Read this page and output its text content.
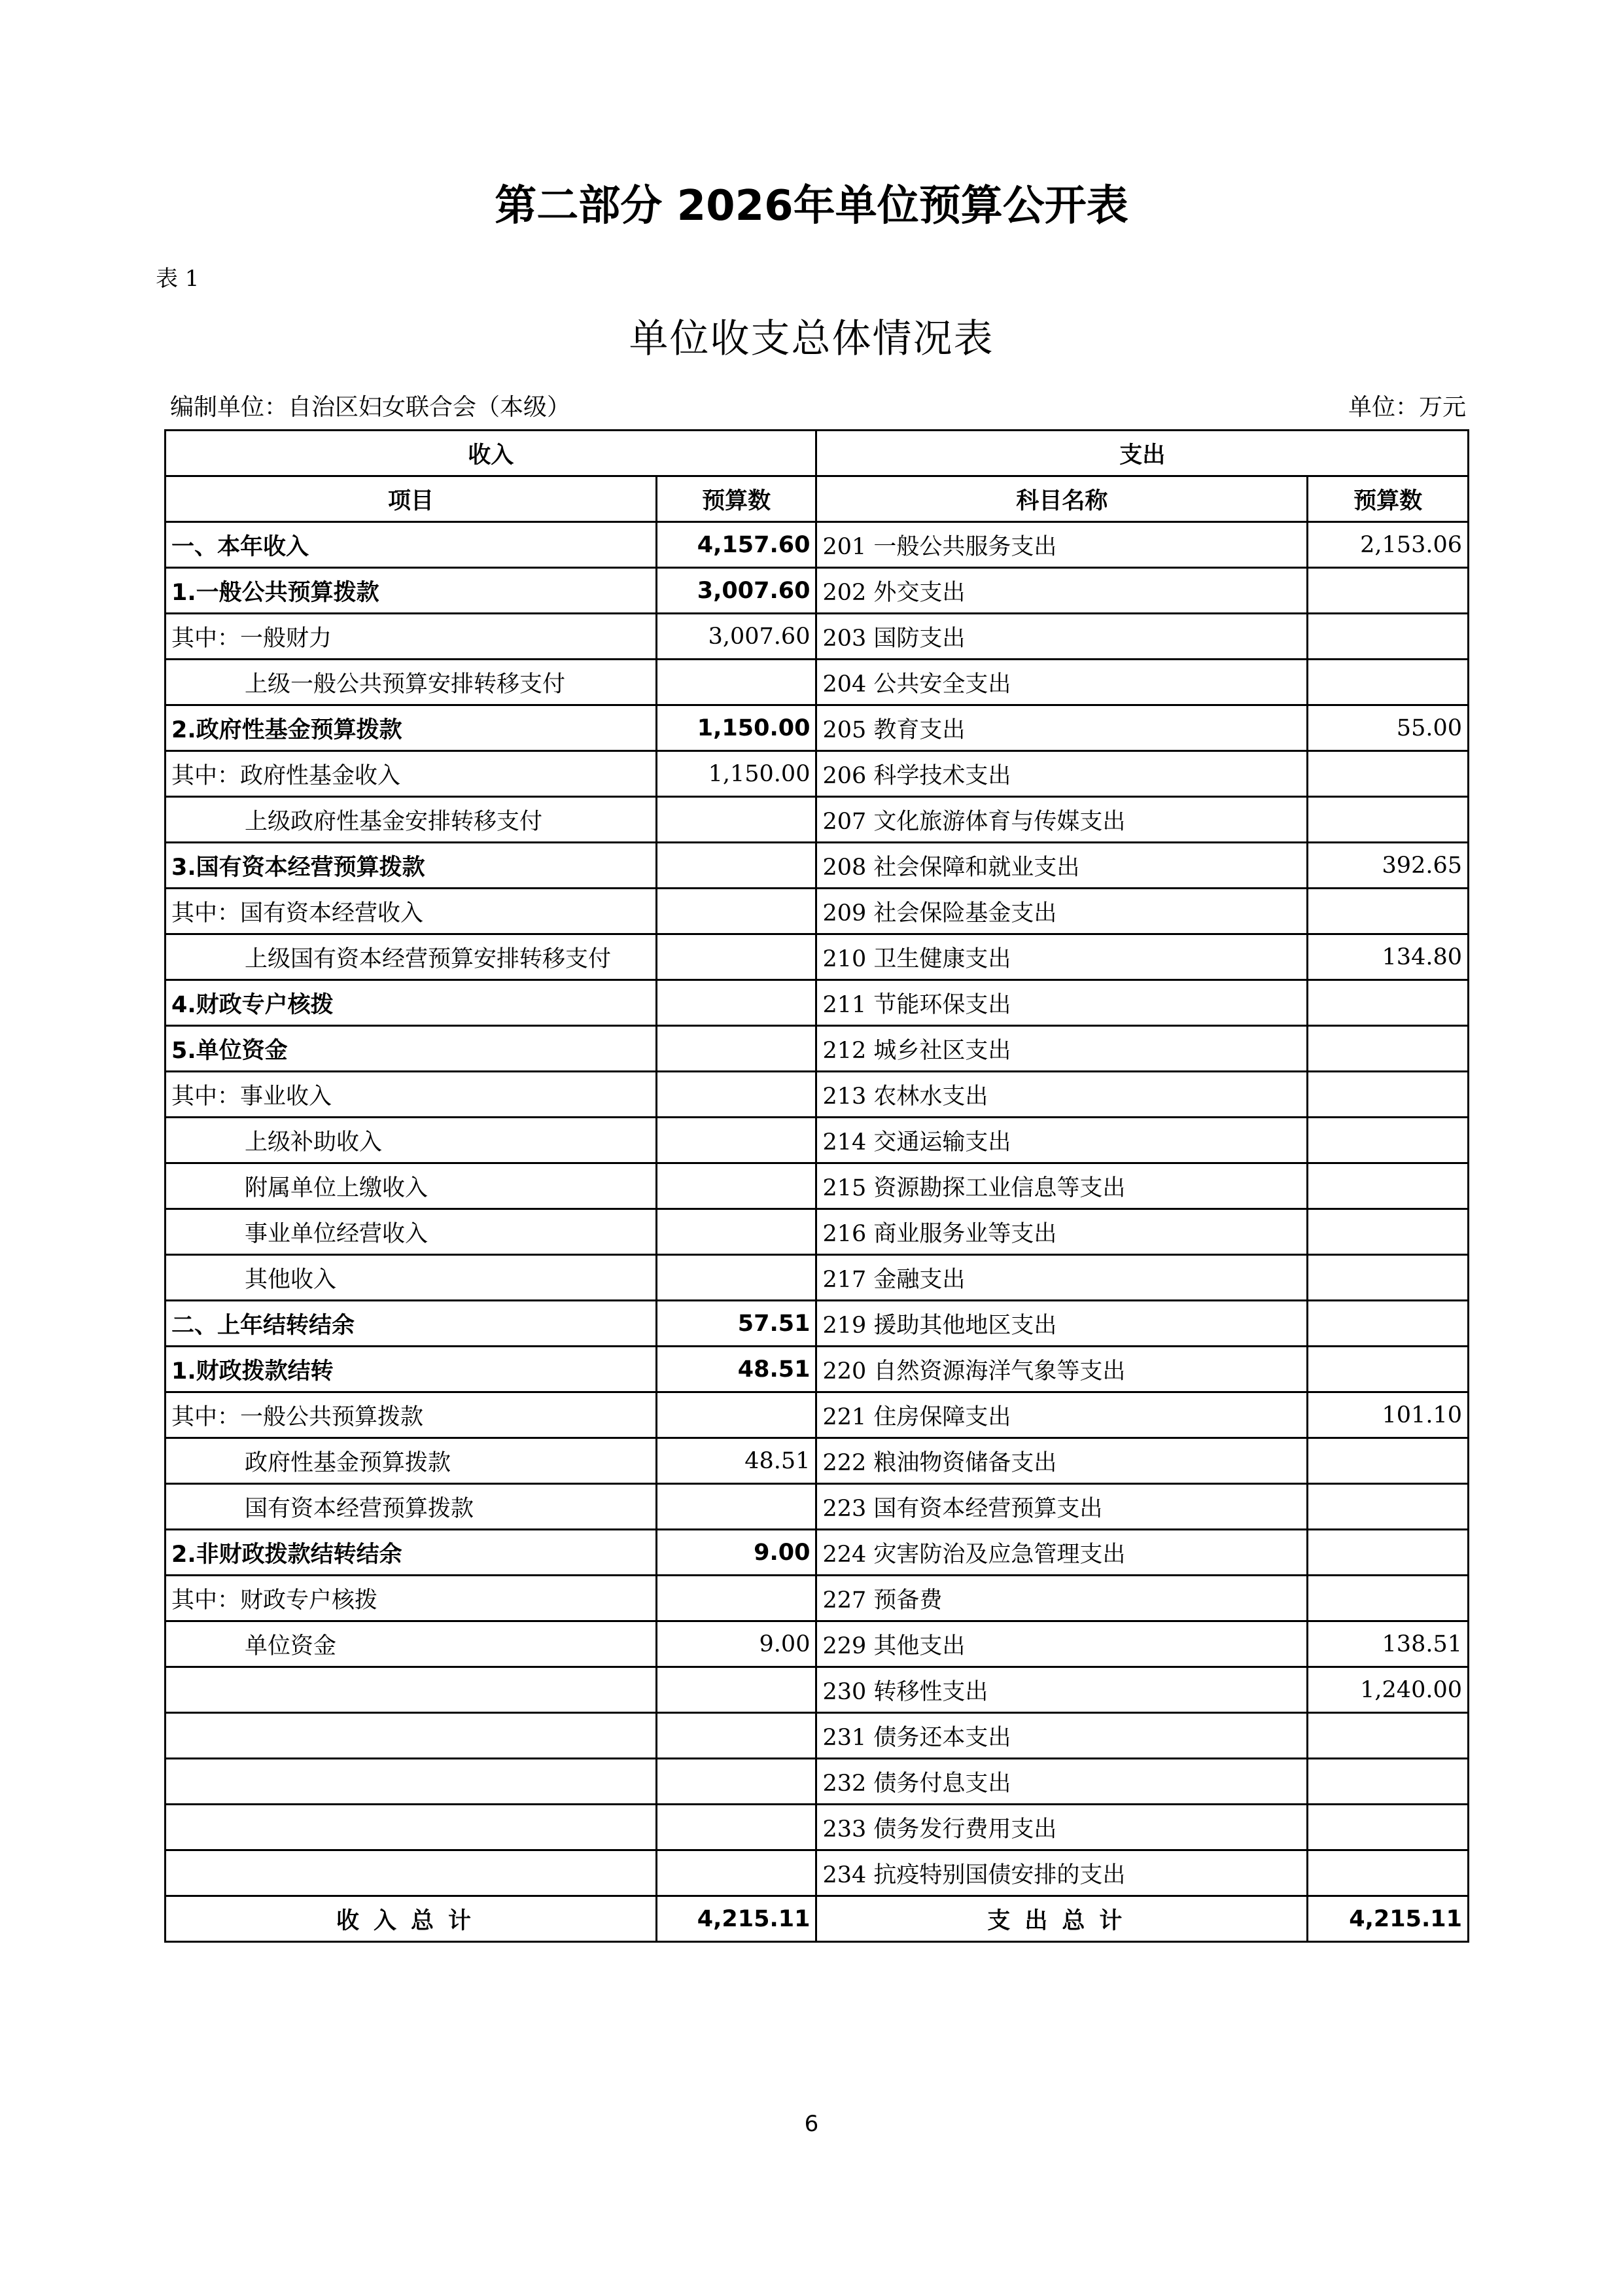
第二部分 2026年单位预算公开表
表 1
单位收支总体情况表
编制单位：自治区妇女联合会（本级）	单位：万元
收入		支出	
项目	预算数	科目名称	预算数
一、本年收入	4,157.60	201 一般公共服务支出	2,153.06
1.一般公共预算拨款	3,007.60	202 外交支出	
其中：一般财力	3,007.60	203 国防支出	
上级一般公共预算安排转移支付		204 公共安全支出	
2.政府性基金预算拨款	1,150.00	205 教育支出	55.00
其中：政府性基金收入	1,150.00	206 科学技术支出	
上级政府性基金安排转移支付		207 文化旅游体育与传媒支出	
3.国有资本经营预算拨款		208 社会保障和就业支出	392.65
其中：国有资本经营收入		209 社会保险基金支出	
上级国有资本经营预算安排转移支付		210 卫生健康支出	134.80
4.财政专户核拨		211 节能环保支出	
5.单位资金		212 城乡社区支出	
其中：事业收入		213 农林水支出	
上级补助收入		214 交通运输支出	
附属单位上缴收入		215 资源勘探工业信息等支出	
事业单位经营收入		216 商业服务业等支出	
其他收入		217 金融支出	
二、上年结转结余	57.51	219 援助其他地区支出	
1.财政拨款结转	48.51	220 自然资源海洋气象等支出	
其中：一般公共预算拨款		221 住房保障支出	101.10
政府性基金预算拨款	48.51	222 粮油物资储备支出	
国有资本经营预算拨款		223 国有资本经营预算支出	
2.非财政拨款结转结余	9.00	224 灾害防治及应急管理支出	
其中：财政专户核拨		227 预备费	
单位资金	9.00	229 其他支出	138.51
		230 转移性支出	1,240.00
		231 债务还本支出	
		232 债务付息支出	
		233 债务发行费用支出	
		234 抗疫特别国债安排的支出	
收入总计	4,215.11	支出总计	4,215.11
6
